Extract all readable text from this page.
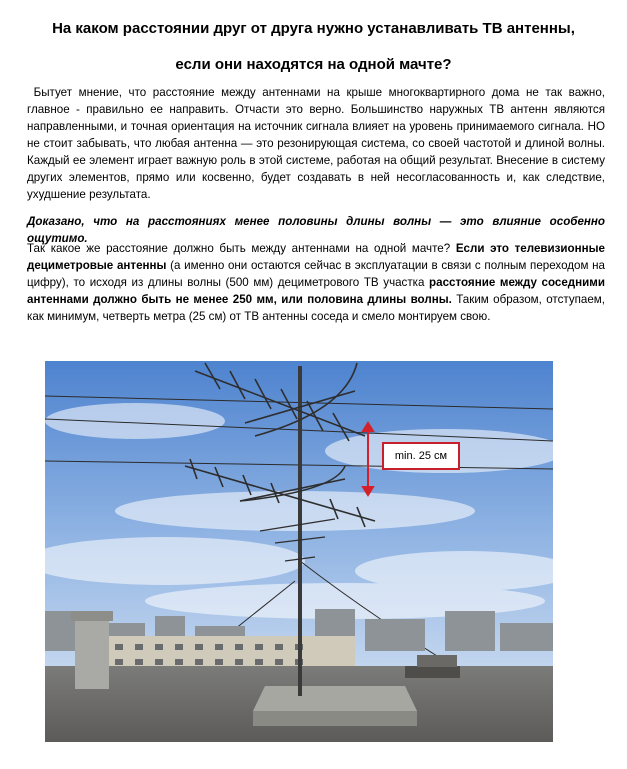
На каком расстоянии друг от друга нужно устанавливать ТВ антенны,
если они находятся на одной мачте?
Бытует мнение, что расстояние между антеннами на крыше многоквартирного дома не так важно, главное - правильно ее направить. Отчасти это верно. Большинство наружных ТВ антенн являются направленными, и точная ориентация на источник сигнала влияет на уровень принимаемого сигнала. НО не стоит забывать, что любая антенна — это резонирующая система, со своей частотой и длиной волны. Каждый ее элемент играет важную роль в этой системе, работая на общий результат. Внесение в систему других элементов, прямо или косвенно, будет создавать в ней несогласованность и, как следствие, ухудшение результата.
Доказано, что на расстояниях менее половины длины волны — это влияние особенно ощутимо.
Так какое же расстояние должно быть между антеннами на одной мачте? Если это телевизионные дециметровые антенны (а именно они остаются сейчас в эксплуатации в связи с полным переходом на цифру), то исходя из длины волны (500 мм) дециметрового ТВ участка расстояние между соседними антеннами должно быть не менее 250 мм, или половина длины волны. Таким образом, отступаем, как минимум, четверть метра (25 см) от ТВ антенны соседа и смело монтируем свою.
min. 25 см
